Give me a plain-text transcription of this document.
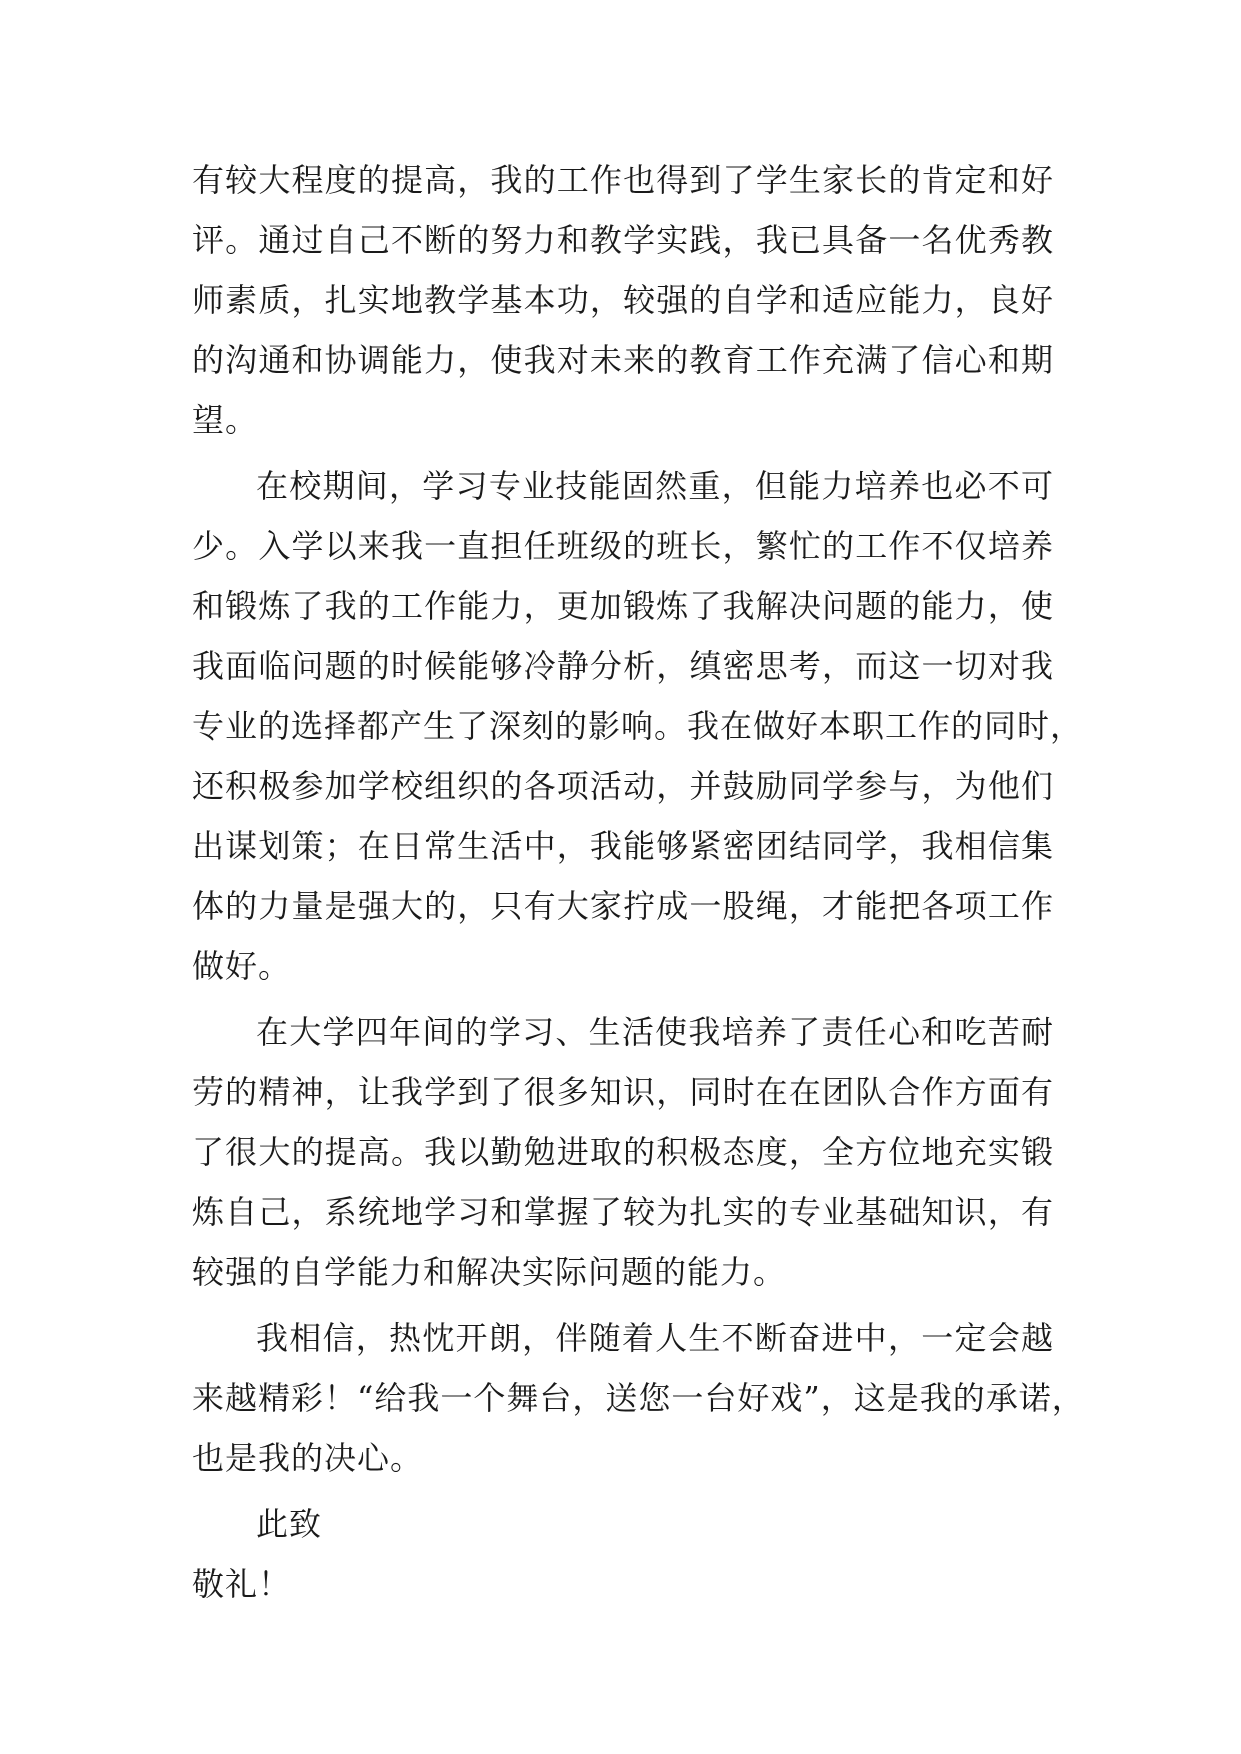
有较大程度的提高，我的工作也得到了学生家长的肯定和好
评。通过自己不断的努力和教学实践，我已具备一名优秀教
师素质，扎实地教学基本功，较强的自学和适应能力，良好
的沟通和协调能力，使我对未来的教育工作充满了信心和期
望。
在校期间，学习专业技能固然重，但能力培养也必不可
少。入学以来我一直担任班级的班长，繁忙的工作不仅培养
和锻炼了我的工作能力，更加锻炼了我解决问题的能力，使
我面临问题的时候能够冷静分析，缜密思考，而这一切对我
专业的选择都产生了深刻的影响。我在做好本职工作的同时，
还积极参加学校组织的各项活动，并鼓励同学参与，为他们
出谋划策；在日常生活中，我能够紧密团结同学，我相信集
体的力量是强大的，只有大家拧成一股绳，才能把各项工作
做好。
在大学四年间的学习、生活使我培养了责任心和吃苦耐
劳的精神，让我学到了很多知识，同时在在团队合作方面有
了很大的提高。我以勤勉进取的积极态度，全方位地充实锻
炼自己，系统地学习和掌握了较为扎实的专业基础知识，有
较强的自学能力和解决实际问题的能力。
我相信，热忱开朗，伴随着人生不断奋进中，一定会越
来越精彩！“给我一个舞台，送您一台好戏”，这是我的承诺，
也是我的决心。
此致
敬礼！
